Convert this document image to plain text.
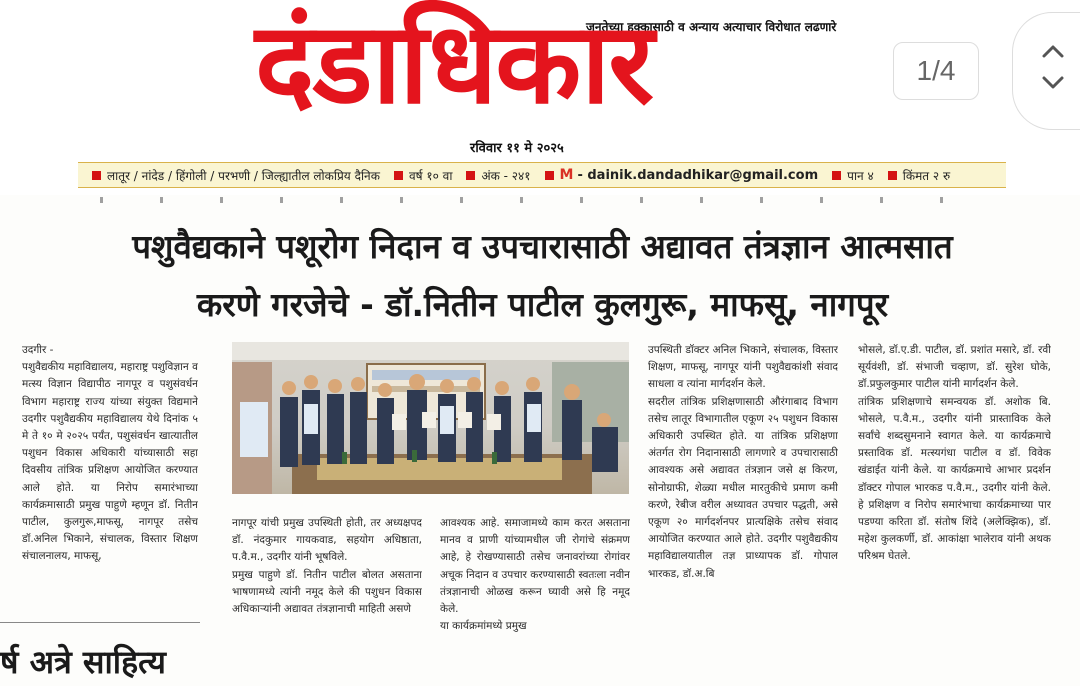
जनतेच्या हक्कासाठी व अन्याय अत्याचार विरोधात लढणारे
दंडाधिकार
रविवार ११ मे २०२५
लातूर / नांदेड / हिंगोली / परभणी / जिल्ह्यातील लोकप्रिय दैनिक वर्ष १० वा अंक - २४१ M - dainik.dandadhikar@gmail.com पान ४ किंमत २ रु
1/4
पशुवैद्यकाने पशूरोग निदान व उपचारासाठी अद्यावत तंत्रज्ञान आत्मसात
करणे गरजेचे - डॉ.नितीन पाटील कुलगुरू, माफसू, नागपूर
उदगीर -
पशुवैद्यकीय महाविद्यालय, महाराष्ट्र पशुविज्ञान व मत्स्य विज्ञान विद्यापीठ नागपूर व पशुसंवर्धन विभाग महाराष्ट्र राज्य यांच्या संयुक्त विद्यमाने उदगीर पशुवैद्यकीय महाविद्यालय येथे दिनांक ५ मे ते १० मे २०२५ पर्यंत, पशुसंवर्धन खात्यातील पशुधन विकास अधिकारी यांच्यासाठी सहा दिवसीय तांत्रिक प्रशिक्षण आयोजित करण्यात आले होते. या निरोप समारंभाच्या कार्यक्रमासाठी प्रमुख पाहुणे म्हणून डॉ. नितीन पाटील, कुलगुरू,माफसू, नागपूर तसेच डॉ.अनिल भिकाने, संचालक, विस्तार शिक्षण संचालनालय, माफसू,
नागपूर यांची प्रमुख उपस्थिती होती, तर अध्यक्षपद डॉ. नंदकुमार गायकवाड, सहयोग अधिष्ठाता, प.वै.म., उदगीर यांनी भूषविले.
प्रमुख पाहुणे डॉ. नितीन पाटील बोलत असताना भाषणामध्ये त्यांनी नमूद केले की पशुधन विकास अधिकाऱ्यांनी अद्यावत तंत्रज्ञानाची माहिती असणे
आवश्यक आहे. समाजामध्ये काम करत असताना मानव व प्राणी यांच्यामधील जी रोगांचे संक्रमण आहे, हे रोखण्यासाठी तसेच जनावरांच्या रोगांवर अचूक निदान व उपचार करण्यासाठी स्वतःला नवीन तंत्रज्ञानाची ओळख करून घ्यावी असे हि नमूद केले.
या कार्यक्रमांमध्ये प्रमुख
उपस्थिती डॉक्टर अनिल भिकाने, संचालक, विस्तार शिक्षण, माफसू, नागपूर यांनी पशुवैद्यकांशी संवाद साधला व त्यांना मार्गदर्शन केले.
सदरील तांत्रिक प्रशिक्षणासाठी औरंगाबाद विभाग तसेच लातूर विभागातील एकूण २५ पशुधन विकास अधिकारी उपस्थित होते. या तांत्रिक प्रशिक्षणा अंतर्गत रोग निदानासाठी लागणारे व उपचारासाठी आवश्यक असे अद्यावत तंत्रज्ञान जसे क्ष किरण, सोनोग्राफी, शेळ्या मधील मारतुकीचे प्रमाण कमी करणे, रेबीज वरील अध्यावत उपचार पद्धती, असे एकूण २० मार्गदर्शनपर प्रात्यक्षिके तसेच संवाद आयोजित करण्यात आले होते. उदगीर पशुवैद्यकीय महाविद्यालयातील तज्ञ प्राध्यापक डॉ. गोपाल भारकड, डॉ.अ.बि
भोसले, डॉ.ए.डी. पाटील, डॉ. प्रशांत मसारे, डॉ. रवी सूर्यवंशी, डॉ. संभाजी चव्हाण, डॉ. सुरेश घोके, डॉ.प्रफुलकुमार पाटील यांनी मार्गदर्शन केले.
तांत्रिक प्रशिक्षणाचे समन्वयक डॉ. अशोक बि. भोसले, प.वै.म., उदगीर यांनी प्रास्ताविक केले सर्वांचे शब्दसुमनाने स्वागत केले. या कार्यक्रमाचे प्रस्ताविक डॉ. मत्स्यगंधा पाटील व डॉ. विवेक खंडाईत यांनी केले. या कार्यक्रमाचे आभार प्रदर्शन डॉक्टर गोपाल भारकड प.वै.म., उदगीर यांनी केले. हे प्रशिक्षण व निरोप समारंभाचा कार्यक्रमाच्या पार पडण्या करिता डॉ. संतोष शिंदे (अलेक्झिक), डॉ. महेश कुलकर्णी, डॉ. आकांक्षा भालेराव यांनी अथक परिश्रम घेतले.
र्ष अत्रे साहित्य
